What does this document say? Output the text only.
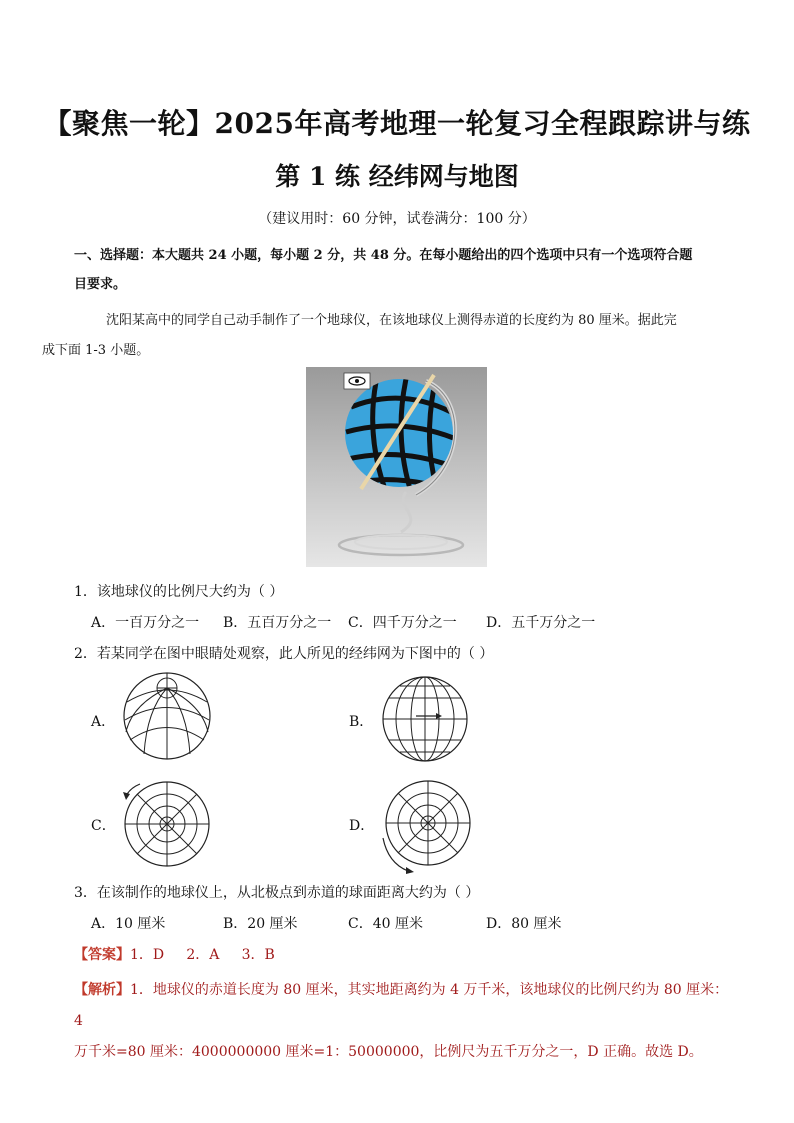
【聚焦一轮】2025年高考地理一轮复习全程跟踪讲与练
第 1 练 经纬网与地图
（建议用时：60 分钟，试卷满分：100 分）
一、选择题：本大题共 24 小题，每小题 2 分，共 48 分。在每小题给出的四个选项中只有一个选项符合题
目要求。
沈阳某高中的同学自己动手制作了一个地球仪，在该地球仪上测得赤道的长度约为 80 厘米。据此完
成下面 1-3 小题。
1．该地球仪的比例尺大约为（ ）
A．一百万分之一 B．五百万分之一 C．四千万分之一 D．五千万分之一
2．若某同学在图中眼睛处观察，此人所见的经纬网为下图中的（ ）
A．	B．
C．	D．
3．在该制作的地球仪上，从北极点到赤道的球面距离大约为（ ）
A．10 厘米	B．20 厘米	C．40 厘米	D．80 厘米
【答案】1．D     2．A     3．B
【解析】1．地球仪的赤道长度为 80 厘米，其实地距离约为 4 万千米，该地球仪的比例尺约为 80 厘米：4
万千米=80 厘米：4000000000 厘米=1：50000000，比例尺为五千万分之一，D 正确。故选 D。
